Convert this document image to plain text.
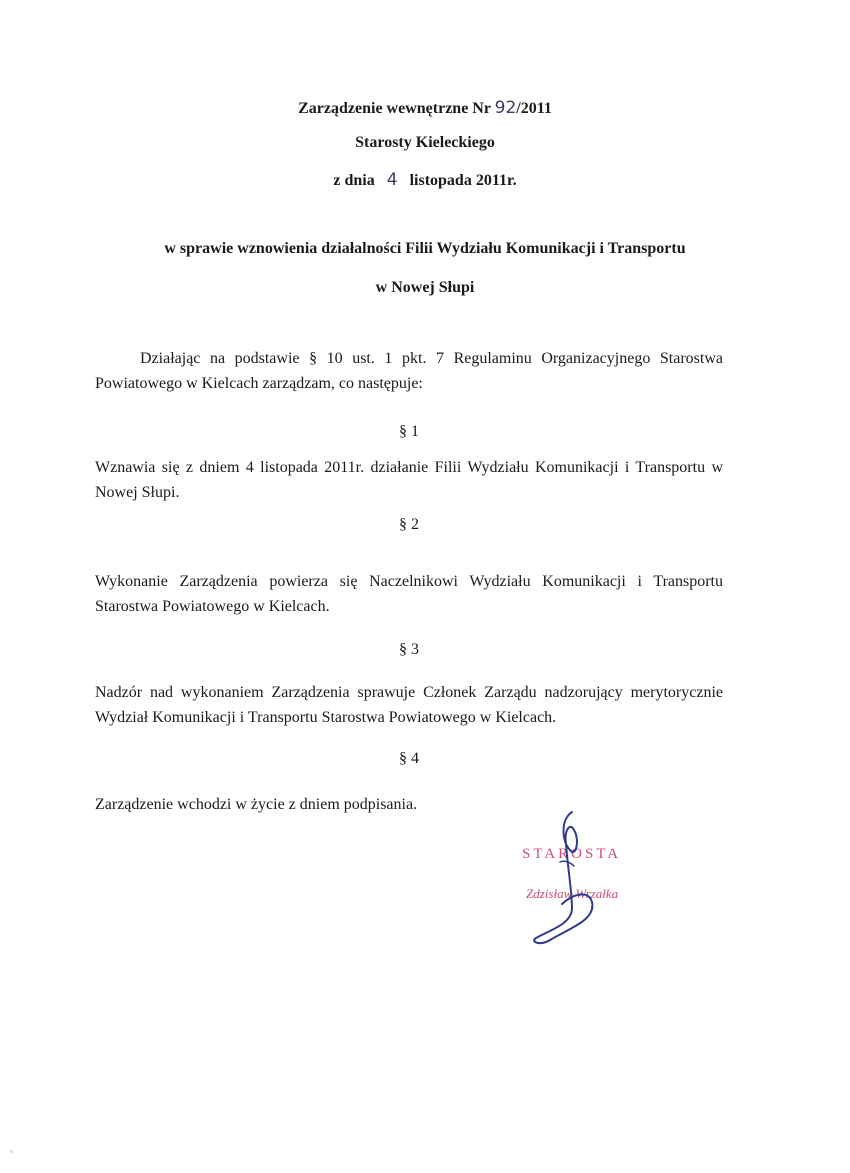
Zarządzenie wewnętrzne Nr 92/2011
Starosty Kieleckiego
z dnia 4 listopada 2011r.
w sprawie wznowienia działalności Filii Wydziału Komunikacji i Transportu
w Nowej Słupi
Działając na podstawie § 10 ust. 1 pkt. 7 Regulaminu Organizacyjnego Starostwa Powiatowego w Kielcach zarządzam, co następuje:
§ 1
Wznawia się z dniem 4 listopada 2011r. działanie Filii Wydziału Komunikacji i Transportu w Nowej Słupi.
§ 2
Wykonanie Zarządzenia powierza się Naczelnikowi Wydziału Komunikacji i Transportu Starostwa Powiatowego w Kielcach.
§ 3
Nadzór nad wykonaniem Zarządzenia sprawuje Członek Zarządu nadzorujący merytorycznie Wydział Komunikacji i Transportu Starostwa Powiatowego w Kielcach.
§ 4
Zarządzenie wchodzi w życie z dniem podpisania.
STAROSTA
Zdzisław Wrzałka
